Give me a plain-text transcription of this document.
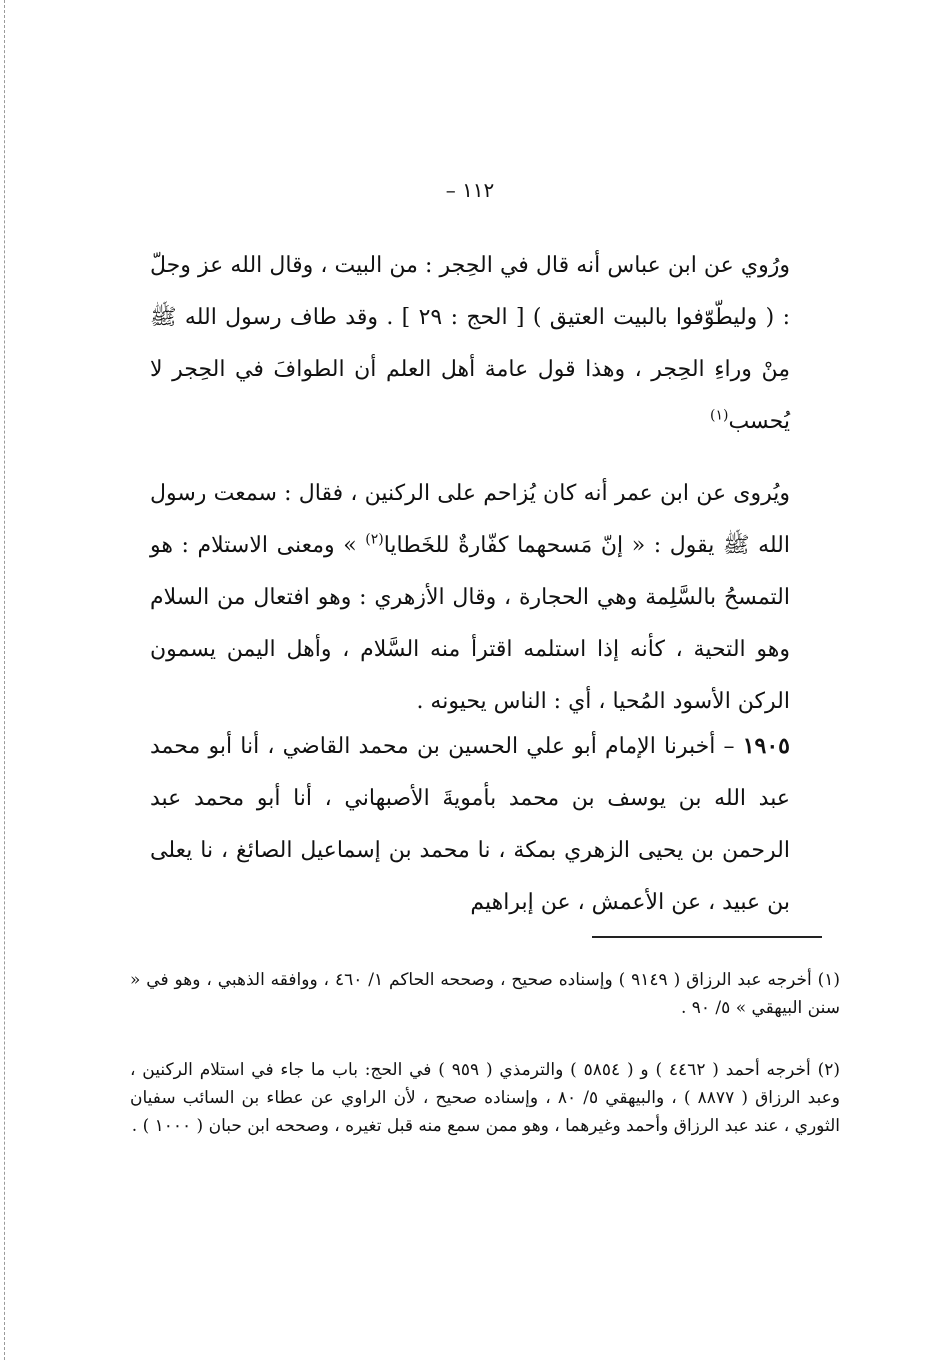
– ١١٢

ورُوي عن ابن عباس أنه قال في الحِجر : من البيت ، وقال الله عز وجلّ : ( وليطّوّفوا بالبيت العتيق ) [ الحج : ٢٩ ] . وقد طاف رسول الله ﷺ مِنْ وراءِ الحِجر ، وهذا قول عامة أهل العلم أن الطوافَ في الحِجر لا يُحسب$^{(١)}$

ويُروى عن ابن عمر أنه كان يُزاحم على الركنين ، فقال : سمعت رسول الله ﷺ يقول : « إنّ مَسحهما كفّارةٌ للخَطايا$^{(٢)}$ » ومعنى الاستلام : هو التمسحُ بالسَّلِمة وهي الحجارة ، وقال الأزهري : وهو افتعال من السلام وهو التحية ، كأنه إذا استلمه اقترأ منه السَّلام ، وأهل اليمن يسمون الركن الأسود المُحيا ، أي : الناس يحيونه .

١٩٠٥ – أخبرنا الإمام أبو علي الحسين بن محمد القاضي ، أنا أبو محمد عبد الله بن يوسف بن محمد بأمويةَ الأصبهاني ، أنا أبو محمد عبد الرحمن بن يحيى الزهري بمكة ، نا محمد بن إسماعيل الصائغ ، نا يعلى بن عبيد ، عن الأعمش ، عن إبراهيم

(١) أخرجه عبد الرزاق ( ٩١٤٩ ) وإسناده صحيح ، وصححه الحاكم ١/ ٤٦٠ ، ووافقه الذهبي ، وهو في « سنن البيهقي » ٥/ ٩٠ .

(٢) أخرجه أحمد ( ٤٤٦٢ ) و ( ٥٨٥٤ ) والترمذي ( ٩٥٩ ) في الحج: باب ما جاء في استلام الركنين ، وعبد الرزاق ( ٨٨٧٧ ) ، والبيهقي ٥/ ٨٠ ، وإسناده صحيح ، لأن الراوي عن عطاء بن السائب سفيان الثوري ، عند عبد الرزاق وأحمد وغيرهما ، وهو ممن سمع منه قبل تغيره ، وصححه ابن حبان ( ١٠٠٠ ) .
